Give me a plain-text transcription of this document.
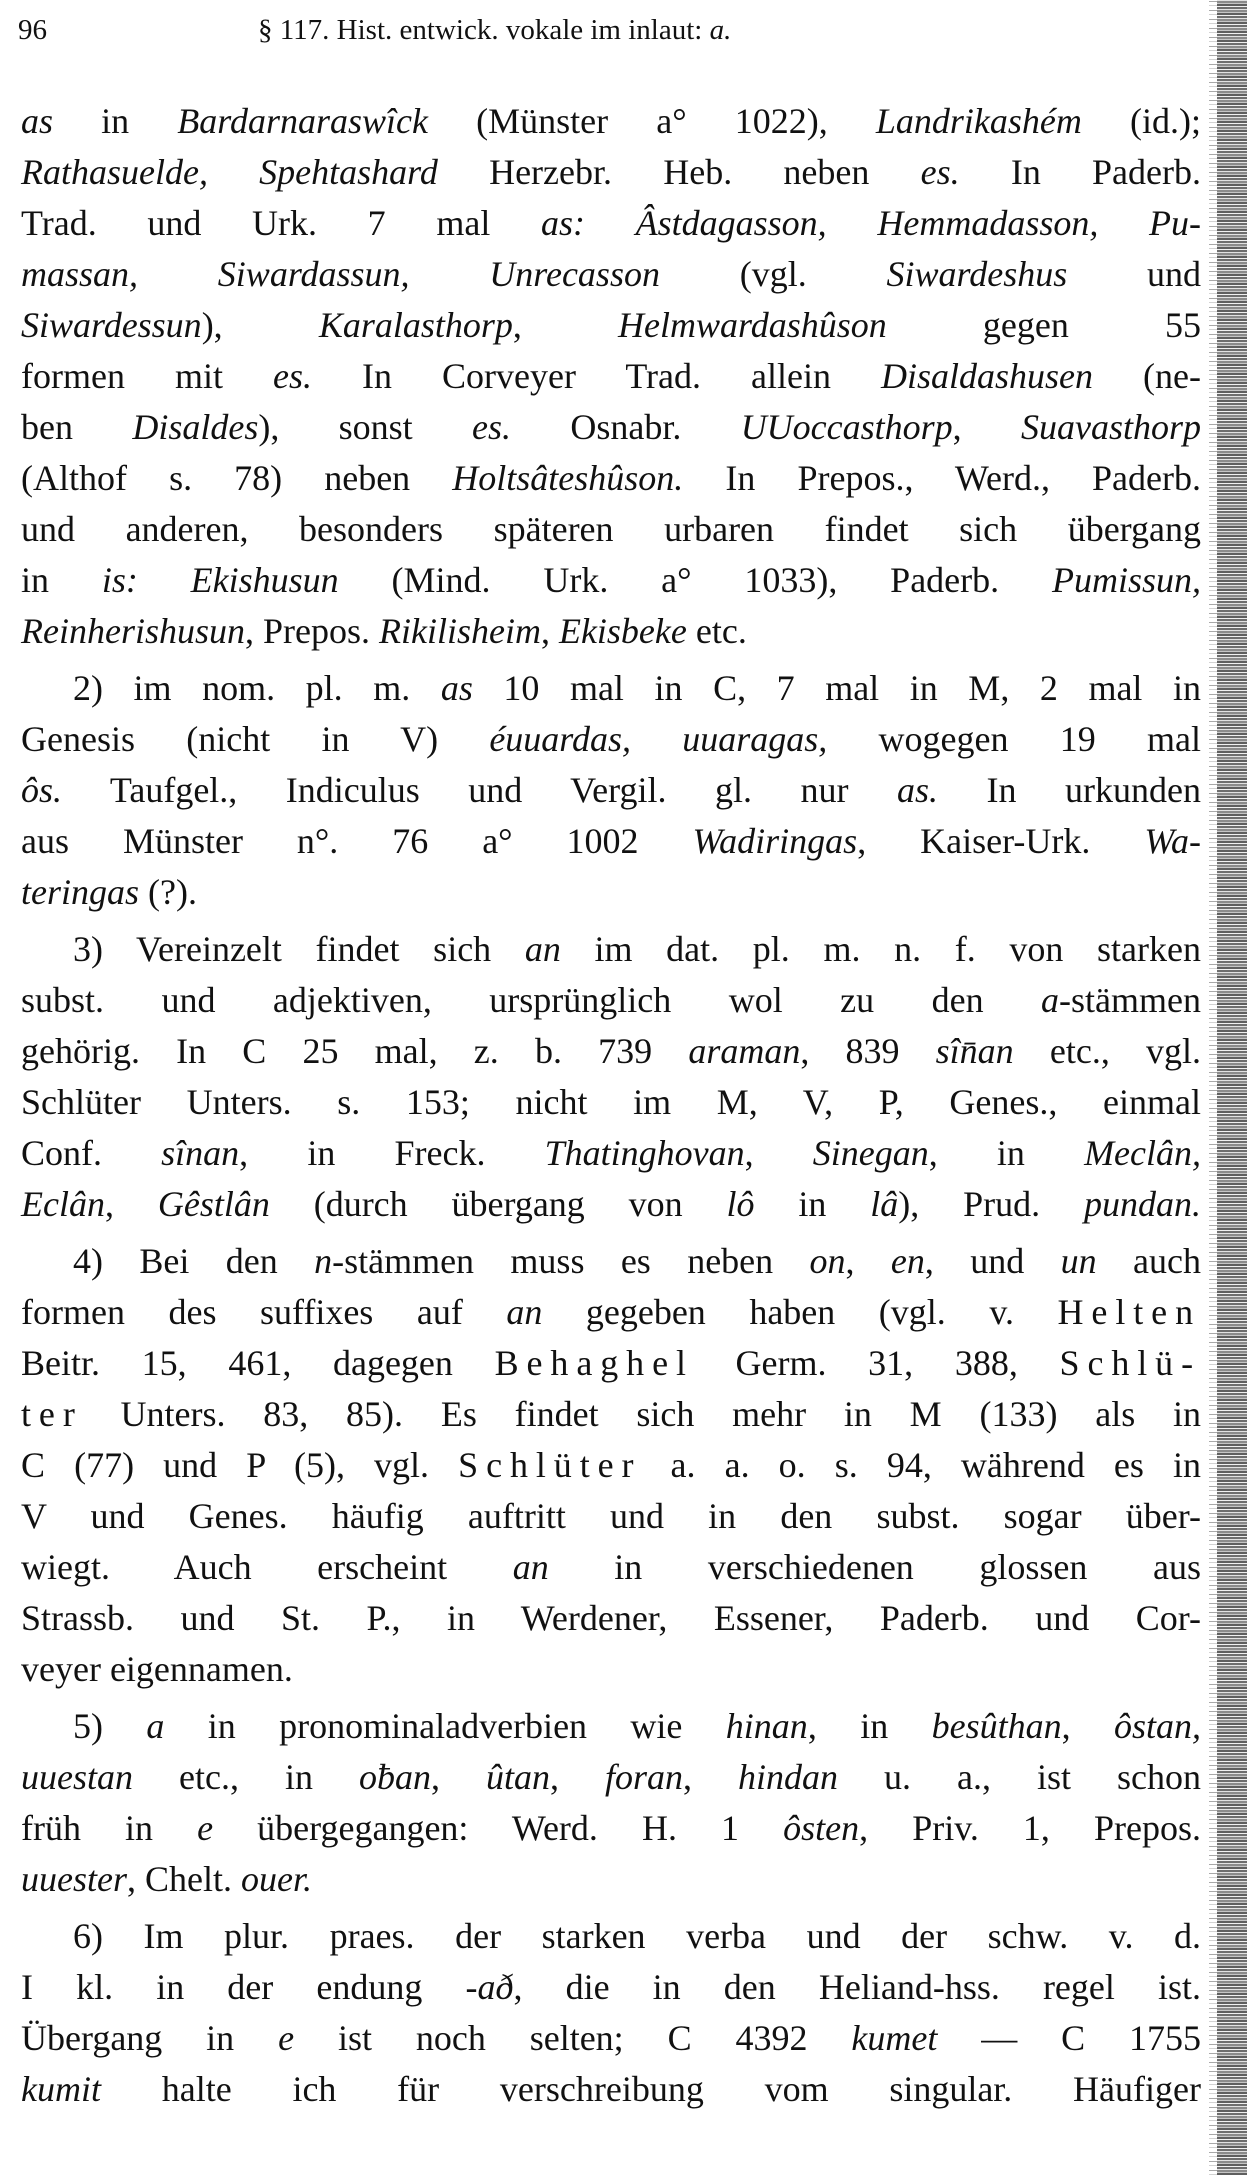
96	§ 117. Hist. entwick. vokale im inlaut: a.
as in Bardarnaraswîck (Münster a° 1022), Landrikashém (id.);
Rathasuelde, Spehtashard Herzebr. Heb. neben es. In Paderb.
Trad. und Urk. 7 mal as: Âstdagasson, Hemmadasson, Pu-
massan, Siwardassun, Unrecasson (vgl. Siwardeshus und
Siwardessun), Karalasthorp, Helmwardashûson gegen 55
formen mit es. In Corveyer Trad. allein Disaldashusen (ne-
ben Disaldes), sonst es. Osnabr. UUoccasthorp, Suavasthorp
(Althof s. 78) neben Holtsâteshûson. In Prepos., Werd., Paderb.
und anderen, besonders späteren urbaren findet sich übergang
in is: Ekishusun (Mind. Urk. a° 1033), Paderb. Pumissun,
Reinherishusun, Prepos. Rikilisheim, Ekisbeke etc.
2) im nom. pl. m. as 10 mal in C, 7 mal in M, 2 mal in
Genesis (nicht in V) éuuardas, uuaragas, wogegen 19 mal
ôs. Taufgel., Indiculus und Vergil. gl. nur as. In urkunden
aus Münster n°. 76 a° 1002 Wadiringas, Kaiser-Urk. Wa-
teringas (?).
3) Vereinzelt findet sich an im dat. pl. m. n. f. von starken
subst. und adjektiven, ursprünglich wol zu den a-stämmen
gehörig. In C 25 mal, z. b. 739 araman, 839 sîn̄an etc., vgl.
Schlüter Unters. s. 153; nicht im M, V, P, Genes., einmal
Conf. sînan, in Freck. Thatinghovan, Sinegan, in Meclân,
Eclân, Gêstlân (durch übergang von lô in lâ), Prud. pundan.
4) Bei den n-stämmen muss es neben on, en, und un auch
formen des suffixes auf an gegeben haben (vgl. v. Helten
Beitr. 15, 461, dagegen Behaghel Germ. 31, 388, Schlü-
ter Unters. 83, 85). Es findet sich mehr in M (133) als in
C (77) und P (5), vgl. Schlüter a. a. o. s. 94, während es in
V und Genes. häufig auftritt und in den subst. sogar über-
wiegt. Auch erscheint an in verschiedenen glossen aus
Strassb. und St. P., in Werdener, Essener, Paderb. und Cor-
veyer eigennamen.
5) a in pronominaladverbien wie hinan, in besûthan, ôstan,
uuestan etc., in oƀan, ûtan, foran, hindan u. a., ist schon
früh in e übergegangen: Werd. H. 1 ôsten, Priv. 1, Prepos.
uuester, Chelt. ouer.
6) Im plur. praes. der starken verba und der schw. v. d.
I kl. in der endung -að, die in den Heliand-hss. regel ist.
Übergang in e ist noch selten; C 4392 kumet — C 1755
kumit halte ich für verschreibung vom singular. Häufiger
